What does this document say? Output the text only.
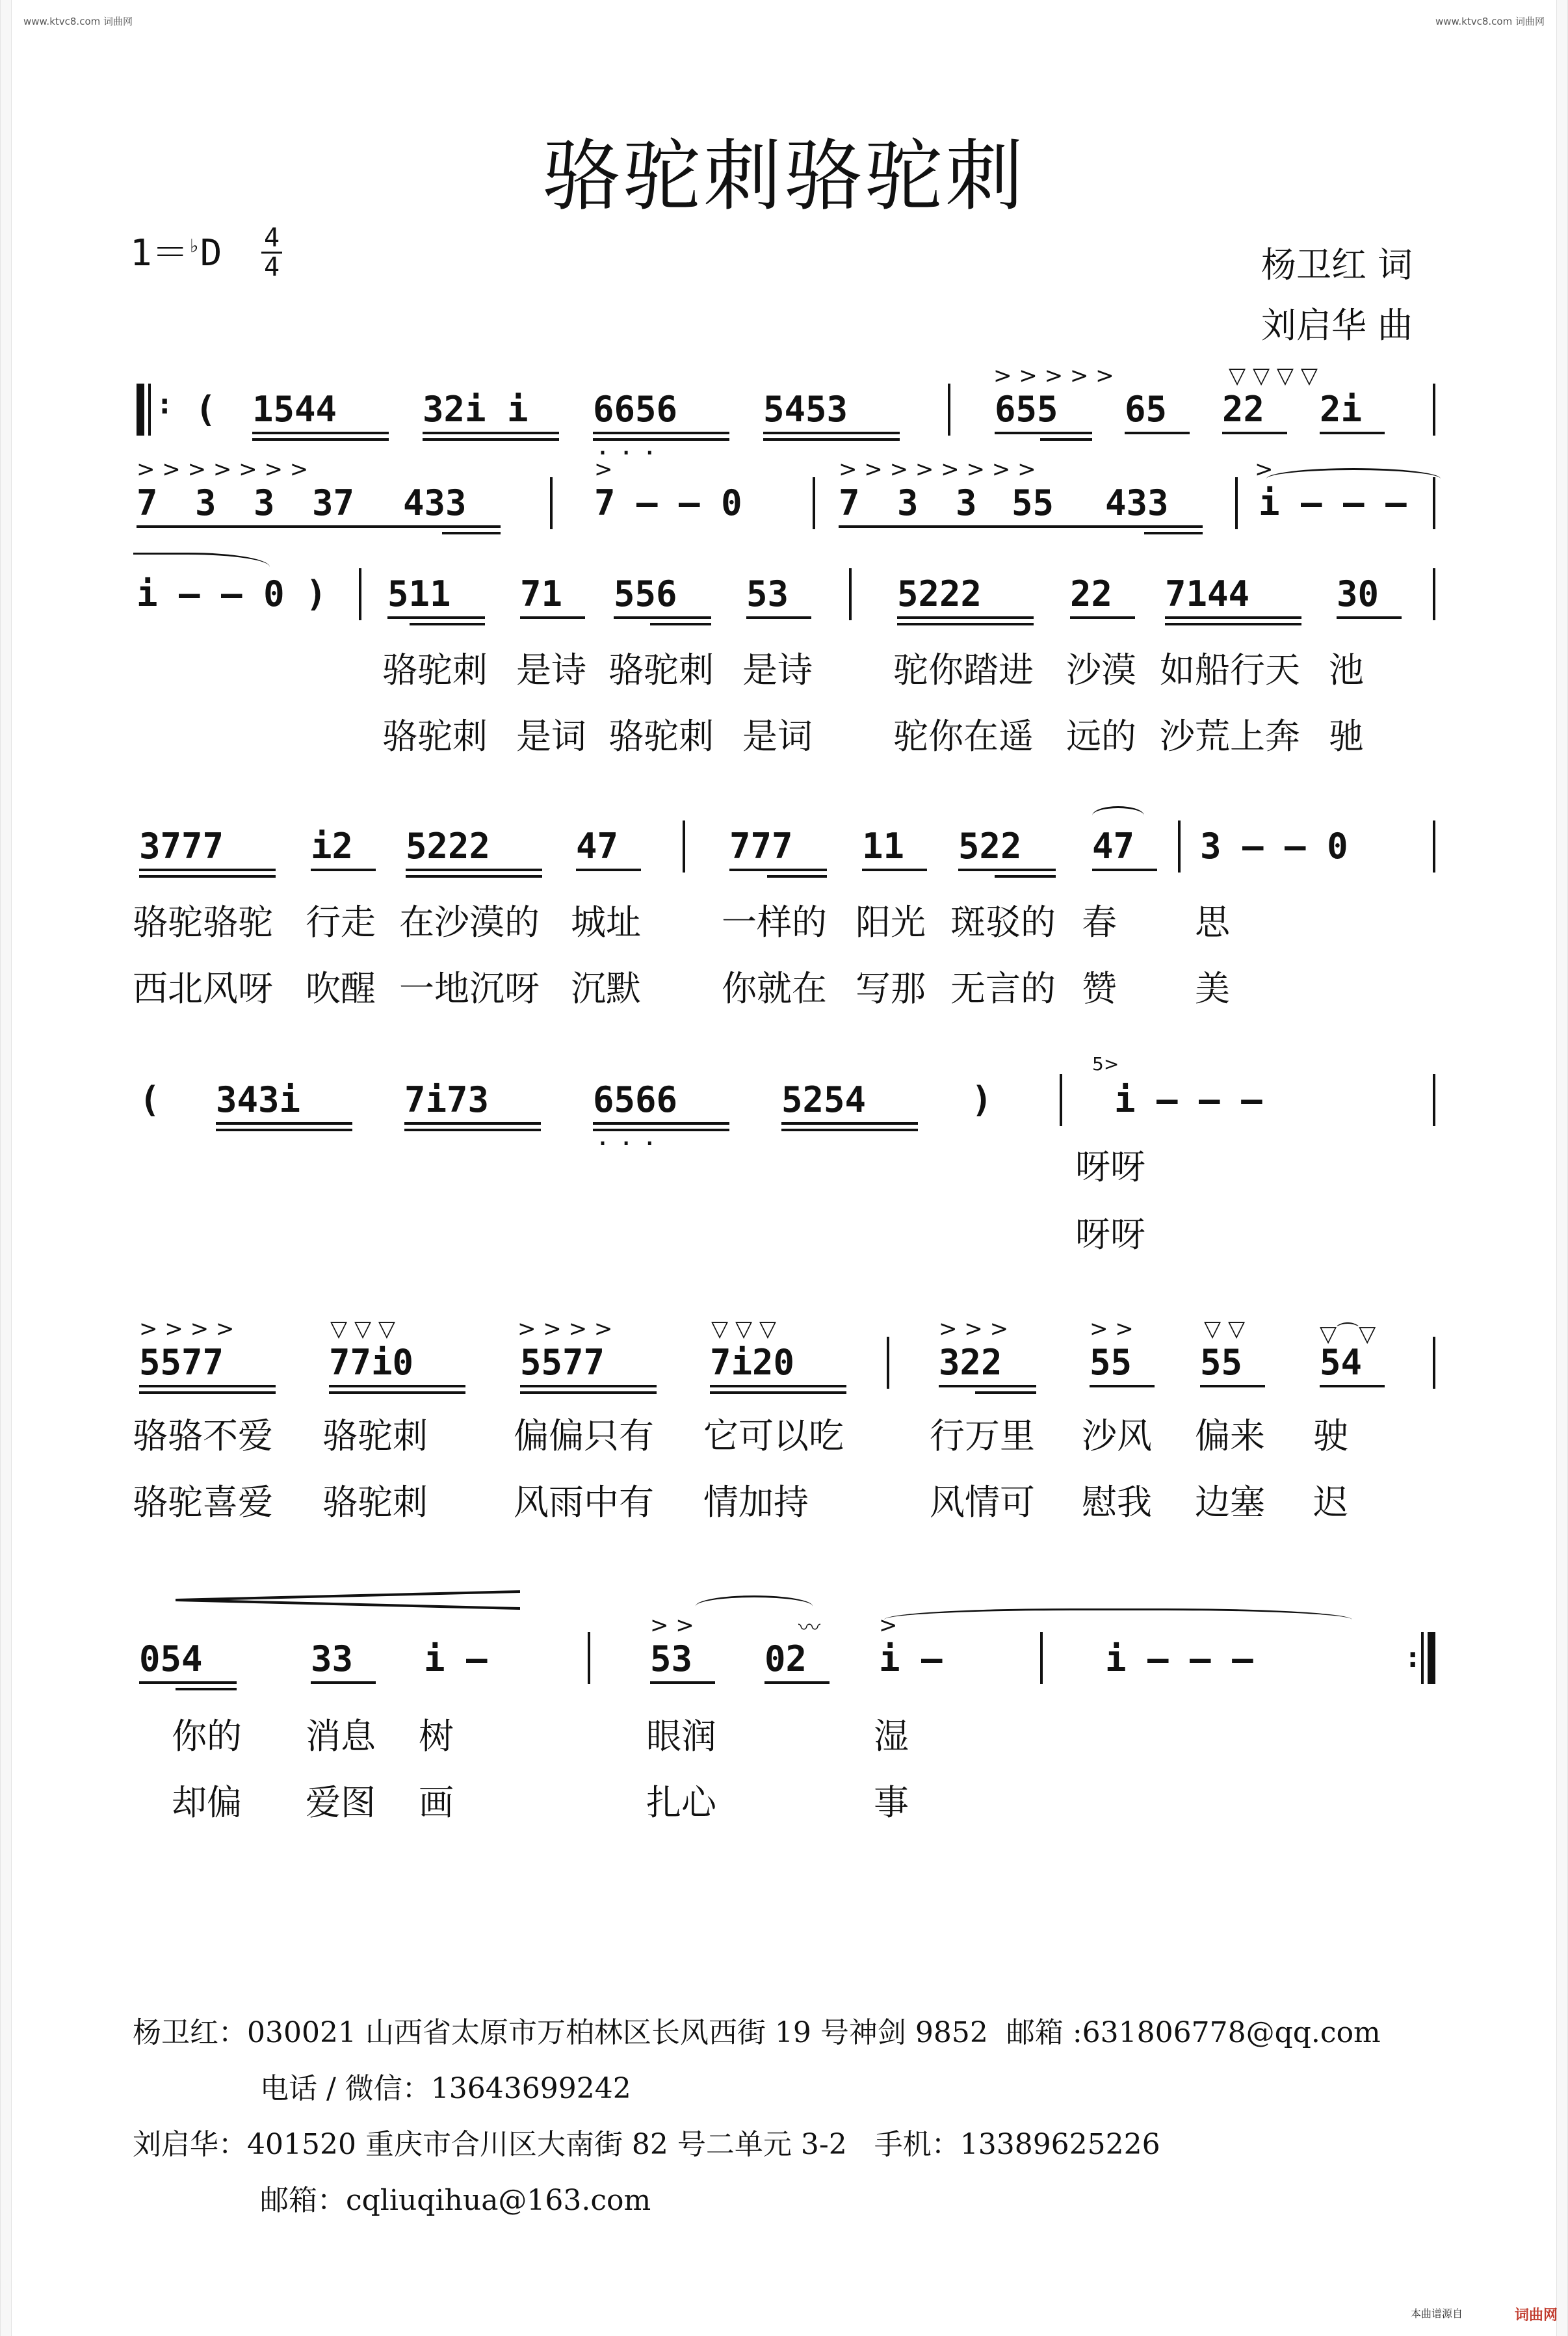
www.ktvc8.com 词曲网	www.ktvc8.com 词曲网
骆驼刺骆驼刺
1＝♭D 4
4	杨卫红 词
刘启华 曲
: ( 1544 32i i 6656 5453
· · ·
> > > > >	▽ ▽ ▽ ▽
655 65 22 2i
> > > > > > >
7 3 3 37 433
>
7 – – 0
> > > > > > > >
7 3 3 55 433
>
i – – –
i – – 0 ) 511 71 556 53	5222	22 7144 30
骆驼刺 是诗 骆驼刺 是诗 驼你踏进 沙漠 如船行天 池
骆驼刺 是词 骆驼刺 是词 驼你在遥 远的 沙荒上奔 驰
3777 i2 5222 47	777 11 522 47 3 – – 0
骆驼骆驼 行走 在沙漠的 城址 一样的 阳光 斑驳的 春 思
西北风呀 吹醒 一地沉呀 沉默 你就在 写那 无言的 赞 美
( 343i	7i73	6566	5254	)
· · ·
5>
i – – –
呀呀
呀呀
> > > >	▽ ▽ ▽	> > > >	▽ ▽ ▽
5577	77i0	5577	7i20
> > >	> >	▽ ▽	▽⌒▽
322 55 55 54
骆骆不爱 骆驼刺 偏偏只有 它可以吃 行万里 沙风 偏来 驶
骆驼喜爱 骆驼刺 风雨中有 情加持	风情可 慰我 边塞 迟
054	33 i –
> >	〰
53 02
>
i –	i – – –	:
你的 消息 树	眼润	湿
却偏 爱图 画	扎心	事
杨卫红：030021 山西省太原市万柏林区长风西街 19 号神剑 9852  邮箱 :631806778@qq.com
电话 / 微信：13643699242
刘启华：401520 重庆市合川区大南街 82 号二单元 3-2   手机：13389625226
邮箱：cqliuqihua@163.com
本曲谱源自	词曲网
